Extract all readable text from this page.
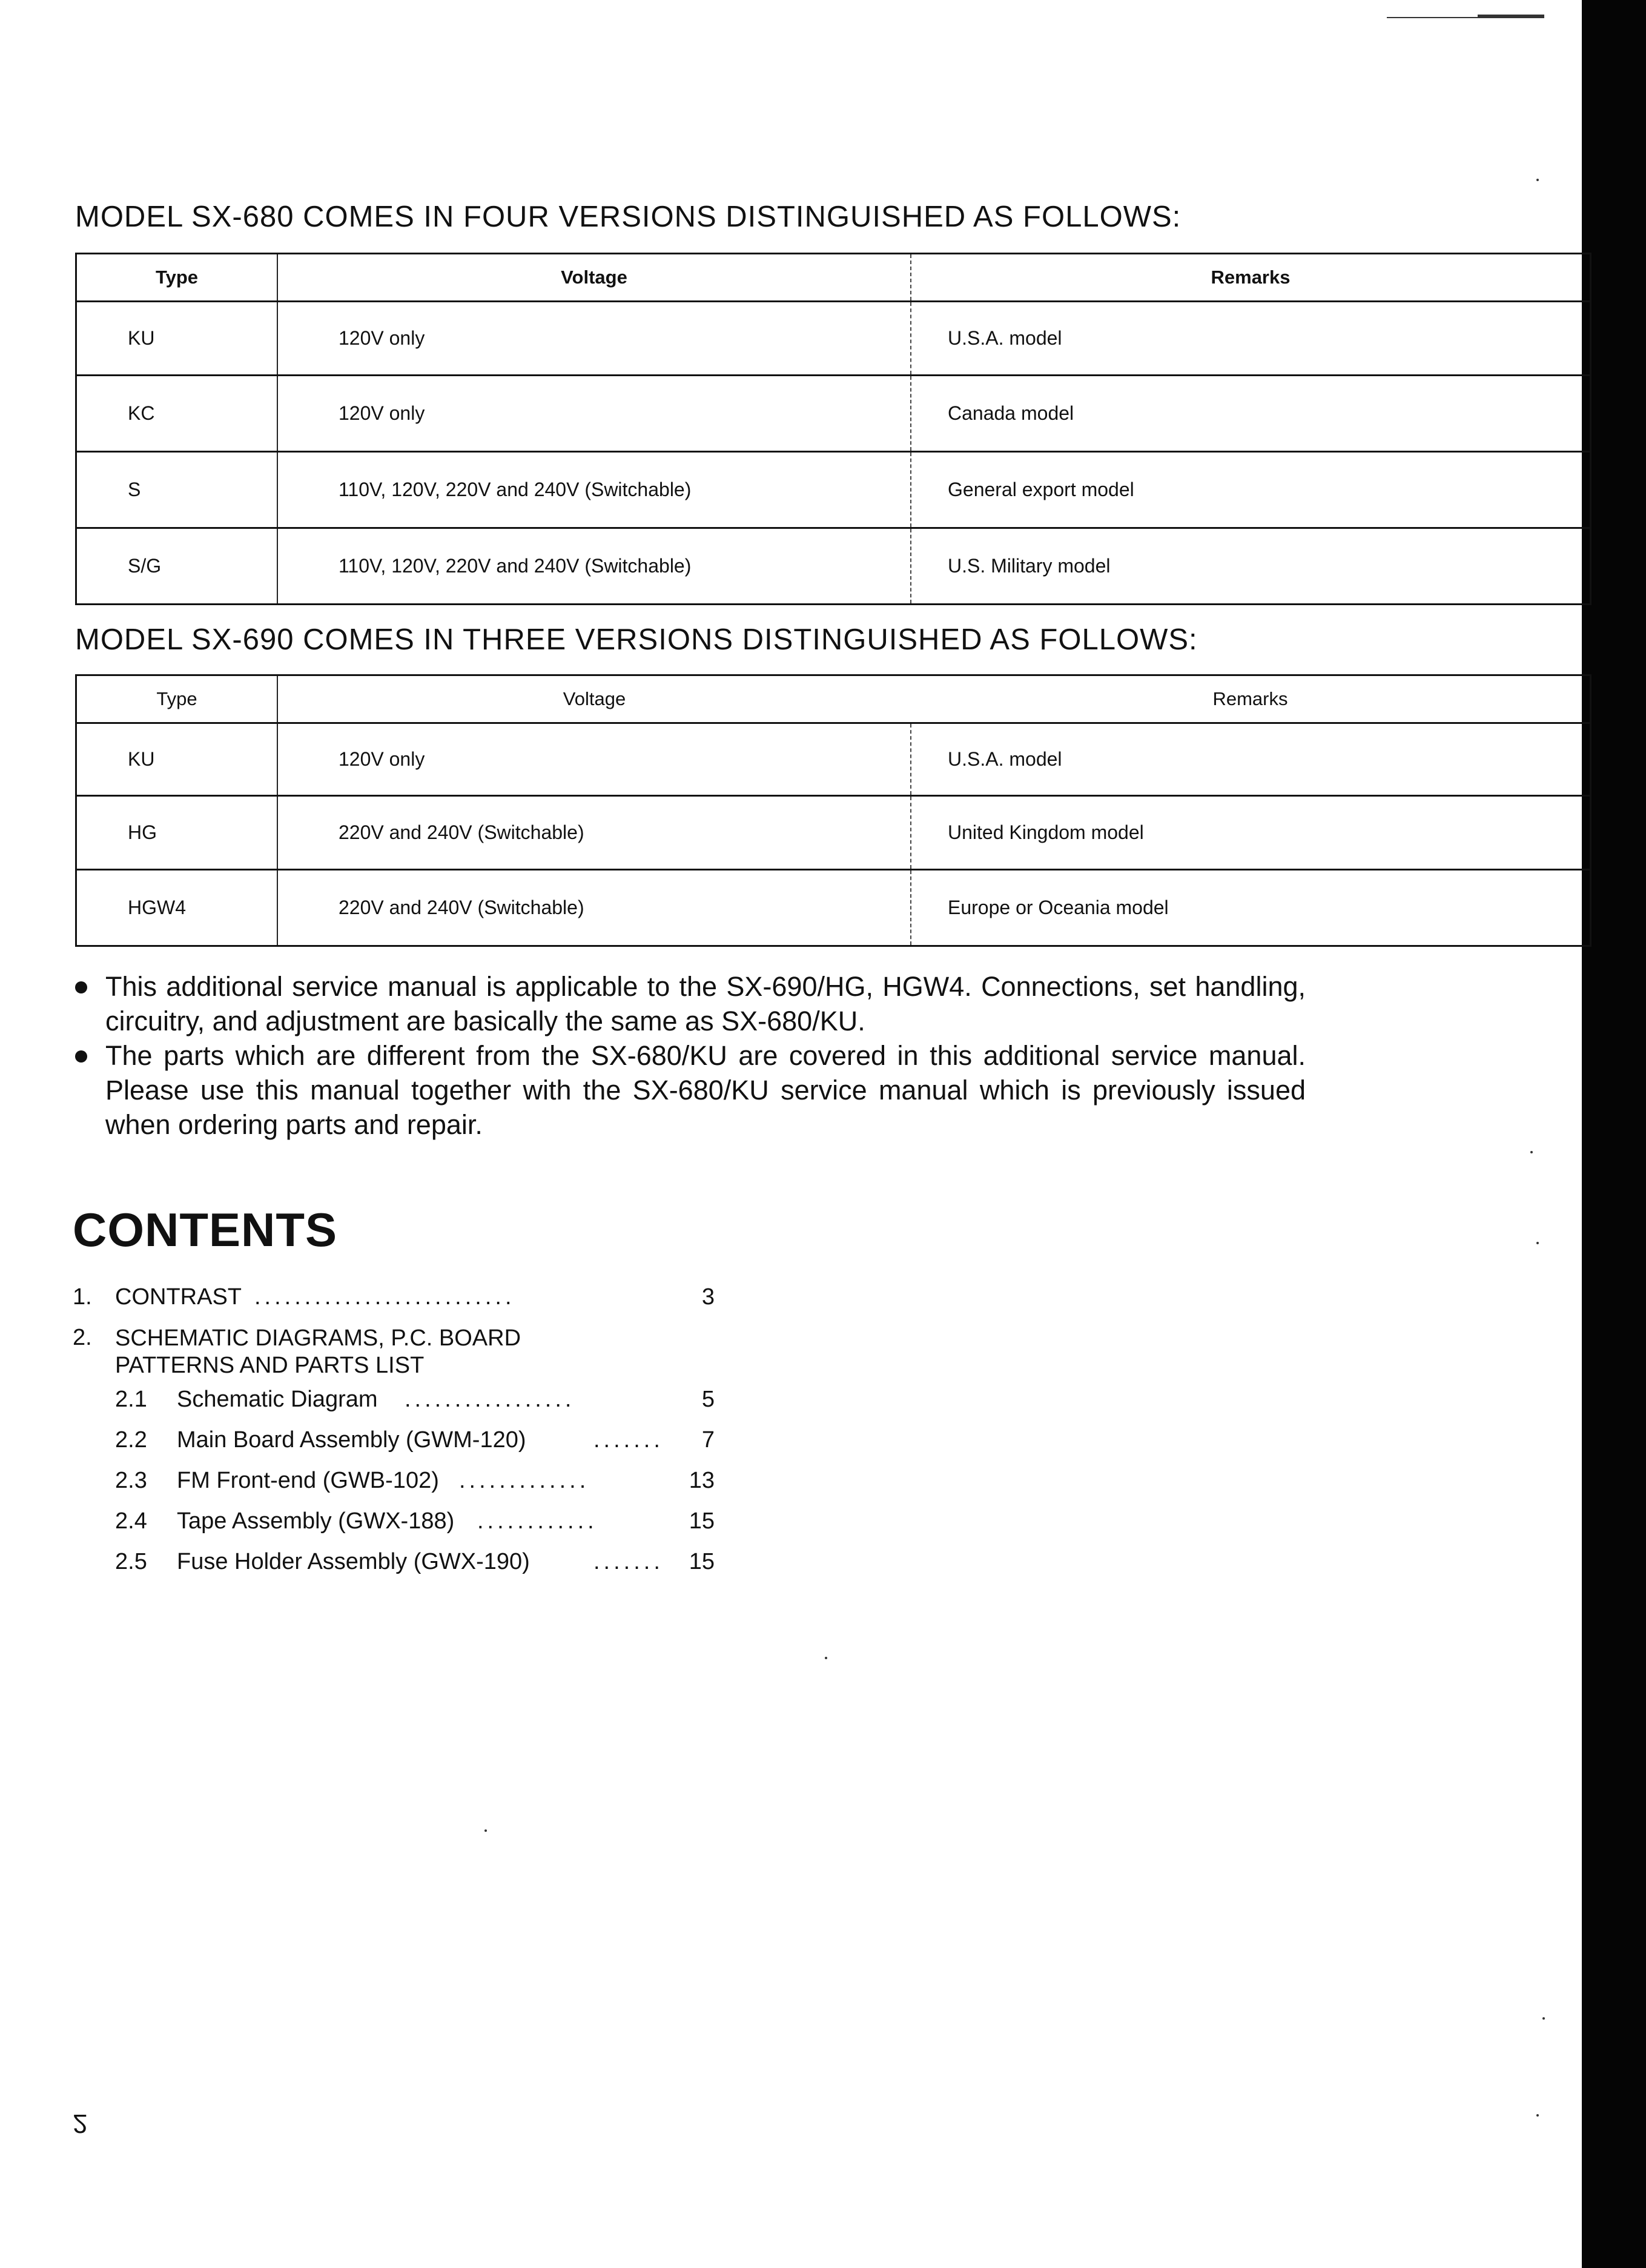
MODEL SX-680 COMES IN FOUR VERSIONS DISTINGUISHED AS FOLLOWS:
Type	Voltage	Remarks
KU	120V only	U.S.A. model
KC	120V only	Canada model
S	110V, 120V, 220V and 240V (Switchable)	General export model
S/G	110V, 120V, 220V and 240V (Switchable)	U.S. Military model
MODEL SX-690 COMES IN THREE VERSIONS DISTINGUISHED AS FOLLOWS:
Type	Voltage	Remarks
KU	120V only	U.S.A. model
HG	220V and 240V (Switchable)	United Kingdom model
HGW4	220V and 240V (Switchable)	Europe or Oceania model
This additional service manual is applicable to the SX-690/HG, HGW4. Connections, set handling, circuitry, and adjustment are basically the same as SX-680/KU.
The parts which are different from the SX-680/KU are covered in this additional service manual. Please use this manual together with the SX-680/KU service manual which is previously issued when ordering parts and repair.
CONTENTS
1. CONTRAST ..........................	3
2. SCHEMATIC DIAGRAMS, P.C. BOARD
PATTERNS AND PARTS LIST
2.1 Schematic Diagram .................	5
2.2 Main Board Assembly (GWM-120)	....... 7
2.3 FM Front-end (GWB-102) .............	13
2.4 Tape Assembly (GWX-188) ............	15
2.5 Fuse Holder Assembly (GWX-190)	....... 15
2
